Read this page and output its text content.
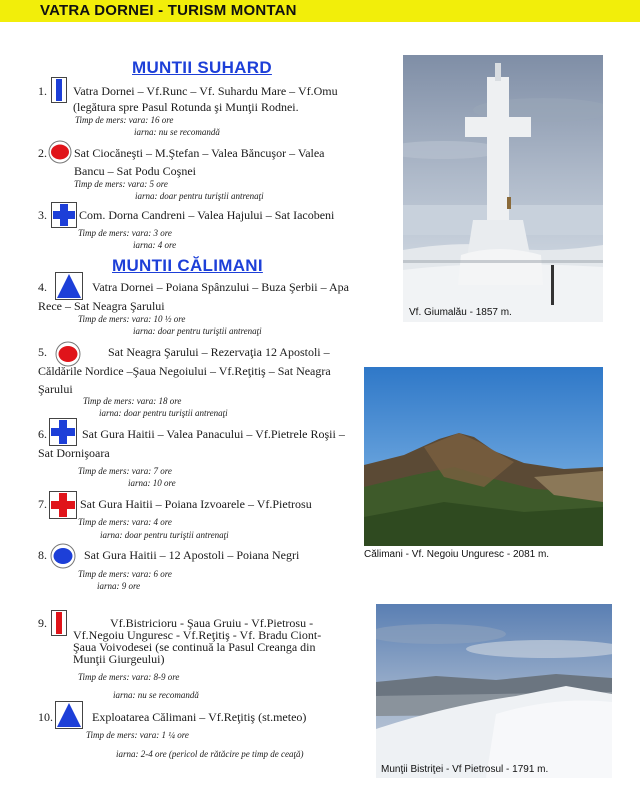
VATRA DORNEI - TURISM MONTAN
MUNTII SUHARD
MUNTII CĂLIMANI
1. Vatra Dornei – Vf.Runc – Vf. Suhardu Mare – Vf.Omu
(legătura spre Pasul Rotunda şi Munţii Rodnei.
Timp de mers: vara: 16 ore
iarna: nu se recomandă
2. Sat Ciocăneşti – M.Ştefan – Valea Băncuşor – Valea
Bancu – Sat Podu Coşnei
Timp de mers: vara: 5 ore
iarna: doar pentru turiştii antrenaţi
3.	Com. Dorna Candreni – Valea Hajului – Sat Iacobeni
Timp de mers: vara: 3 ore
iarna: 4 ore
4.	Vatra Dornei – Poiana Spânzului – Buza Şerbii – Apa
Rece – Sat Neagra Şarului
Timp de mers: vara: 10 ½ ore
iarna: doar pentru turiştii antrenaţi
5.	Sat Neagra Şarului – Rezervaţia 12 Apostoli –
Căldările Nordice –Şaua Negoiului – Vf.Reţitiş – Sat Neagra
Şarului
Timp de mers: vara: 18 ore
iarna: doar pentru turiştii antrenaţi
6.	Sat Gura Haitii – Valea Panacului – Vf.Pietrele Roşii –
Sat Dornişoara
Timp de mers: vara: 7 ore
iarna: 10 ore
7.	Sat Gura Haitii – Poiana Izvoarele – Vf.Pietrosu
Timp de mers: vara: 4 ore
iarna: doar pentru turiştii antrenaţi
8.	Sat Gura Haitii – 12 Apostoli – Poiana Negri
Timp de mers: vara: 6 ore
iarna: 9 ore
9.	Vf.Bistricioru - Şaua Gruiu - Vf.Pietrosu -
Vf.Negoiu Unguresc - Vf.Reţitiş - Vf. Bradu Ciont-
Şaua Voivodesei (se continuă la Pasul Creanga din
Munţii Giurgeului)
Timp de mers: vara: 8-9 ore
iarna: nu se recomandă
10.	Exploatarea Călimani – Vf.Reţitiş (st.meteo)
Timp de mers: vara: 1 ¼ ore
iarna: 2-4 ore (pericol de rătăcire pe timp de ceaţă)
Vf. Giumalău - 1857 m.
Călimani - Vf. Negoiu Unguresc - 2081 m.
Munţii Bistriţei - Vf Pietrosul - 1791 m.
